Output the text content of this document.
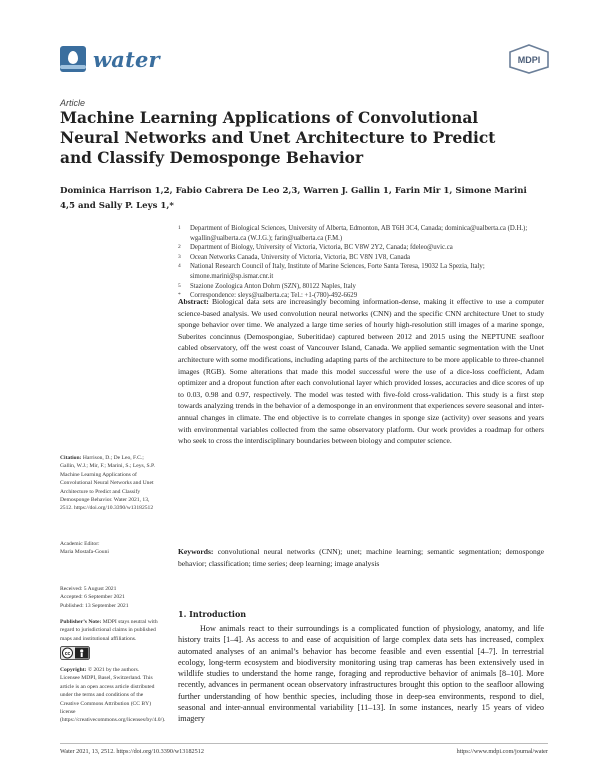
water	MDPI
Article
Machine Learning Applications of Convolutional Neural Networks and Unet Architecture to Predict and Classify Demosponge Behavior
Dominica Harrison 1,2, Fabio Cabrera De Leo 2,3, Warren J. Gallin 1, Farin Mir 1, Simone Marini 4,5 and Sally P. Leys 1,*
1	Department of Biological Sciences, University of Alberta, Edmonton, AB T6H 3C4, Canada; dominica@ualberta.ca (D.H.); wgallin@ualberta.ca (W.J.G.); farin@ualberta.ca (F.M.)
2	Department of Biology, University of Victoria, Victoria, BC V8W 2Y2, Canada; fdeleo@uvic.ca
3	Ocean Networks Canada, University of Victoria, Victoria, BC V8N 1V8, Canada
4	National Research Council of Italy, Institute of Marine Sciences, Forte Santa Teresa, 19032 La Spezia, Italy; simone.marini@sp.ismar.cnr.it
5	Stazione Zoologica Anton Dohrn (SZN), 80122 Naples, Italy
*	Correspondence: sleys@ualberta.ca; Tel.: +1-(780)-492-6629
Abstract: Biological data sets are increasingly becoming information-dense, making it effective to use a computer science-based analysis. We used convolution neural networks (CNN) and the specific CNN architecture Unet to study sponge behavior over time. We analyzed a large time series of hourly high-resolution still images of a marine sponge, Suberites concinnus (Demospongiae, Suberitidae) captured between 2012 and 2015 using the NEPTUNE seafloor cabled observatory, off the west coast of Vancouver Island, Canada. We applied semantic segmentation with the Unet architecture with some modifications, including adapting parts of the architecture to be more applicable to three-channel images (RGB). Some alterations that made this model successful were the use of a dice-loss coefficient, Adam optimizer and a dropout function after each convolutional layer which provided losses, accuracies and dice scores of up to 0.03, 0.98 and 0.97, respectively. The model was tested with five-fold cross-validation. This study is a first step towards analyzing trends in the behavior of a demosponge in an environment that experiences severe seasonal and inter-annual changes in climate. The end objective is to correlate changes in sponge size (activity) over seasons and years with environmental variables collected from the same observatory platform. Our work provides a roadmap for others who seek to cross the interdisciplinary boundaries between biology and computer science.
Keywords: convolutional neural networks (CNN); unet; machine learning; semantic segmentation; demosponge behavior; classification; time series; deep learning; image analysis
Citation: Harrison, D.; De Leo, F.C.; Gallin, W.J.; Mir, F.; Marini, S.; Leys, S.P. Machine Learning Applications of Convolutional Neural Networks and Unet Architecture to Predict and Classify Demosponge Behavior. Water 2021, 13, 2512. https://doi.org/10.3390/w13182512
Academic Editor:
Maria Mostafa-Gouni
Received: 5 August 2021
Accepted: 6 September 2021
Published: 13 September 2021
Publisher’s Note: MDPI stays neutral with regard to jurisdictional claims in published maps and institutional affiliations.
cc
Copyright: © 2021 by the authors. Licensee MDPI, Basel, Switzerland. This article is an open access article distributed under the terms and conditions of the Creative Commons Attribution (CC BY) license (https://creativecommons.org/licenses/by/4.0/).
1. Introduction
How animals react to their surroundings is a complicated function of physiology, anatomy, and life history traits [1–4]. As access to and ease of acquisition of large complex data sets has increased, complex automated analyses of an animal’s behavior has become feasible and even essential [4–7]. In terrestrial ecology, long-term ecosystem and biodiversity monitoring using trap cameras has been extensively used in wildlife studies to understand the home range, foraging and reproductive behavior of animals [8–10]. More recently, advances in permanent ocean observatory infrastructures brought this option to the seafloor allowing further understanding of how benthic species, including those in deep-sea environments, respond to diel, seasonal and inter-annual environmental variability [11–13]. In some instances, nearly 15 years of video imagery
Water 2021, 13, 2512. https://doi.org/10.3390/w13182512	https://www.mdpi.com/journal/water
